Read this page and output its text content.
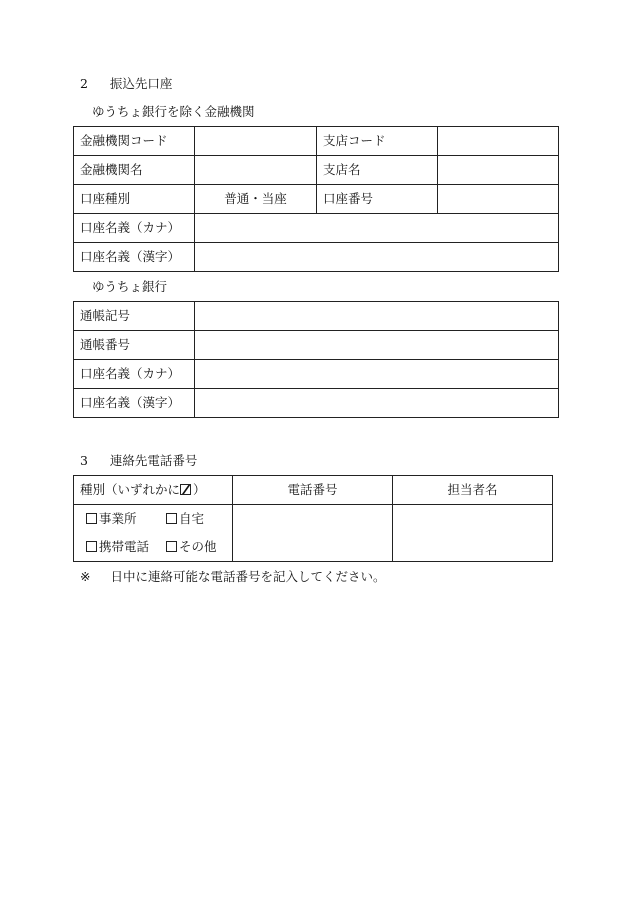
2 振込先口座
ゆうちょ銀行を除く金融機関
金融機関コード		支店コード	
金融機関名		支店名	
口座種別	普通・当座	口座番号	
口座名義（カナ）			
口座名義（漢字）			
ゆうちょ銀行
通帳記号	
通帳番号	
口座名義（カナ）	
口座名義（漢字）	
3 連絡先電話番号
種別（いずれかに ）	電話番号	担当者名

事業所 自宅
携帯電話 その他		

※ 日中に連絡可能な電話番号を記入してください。
